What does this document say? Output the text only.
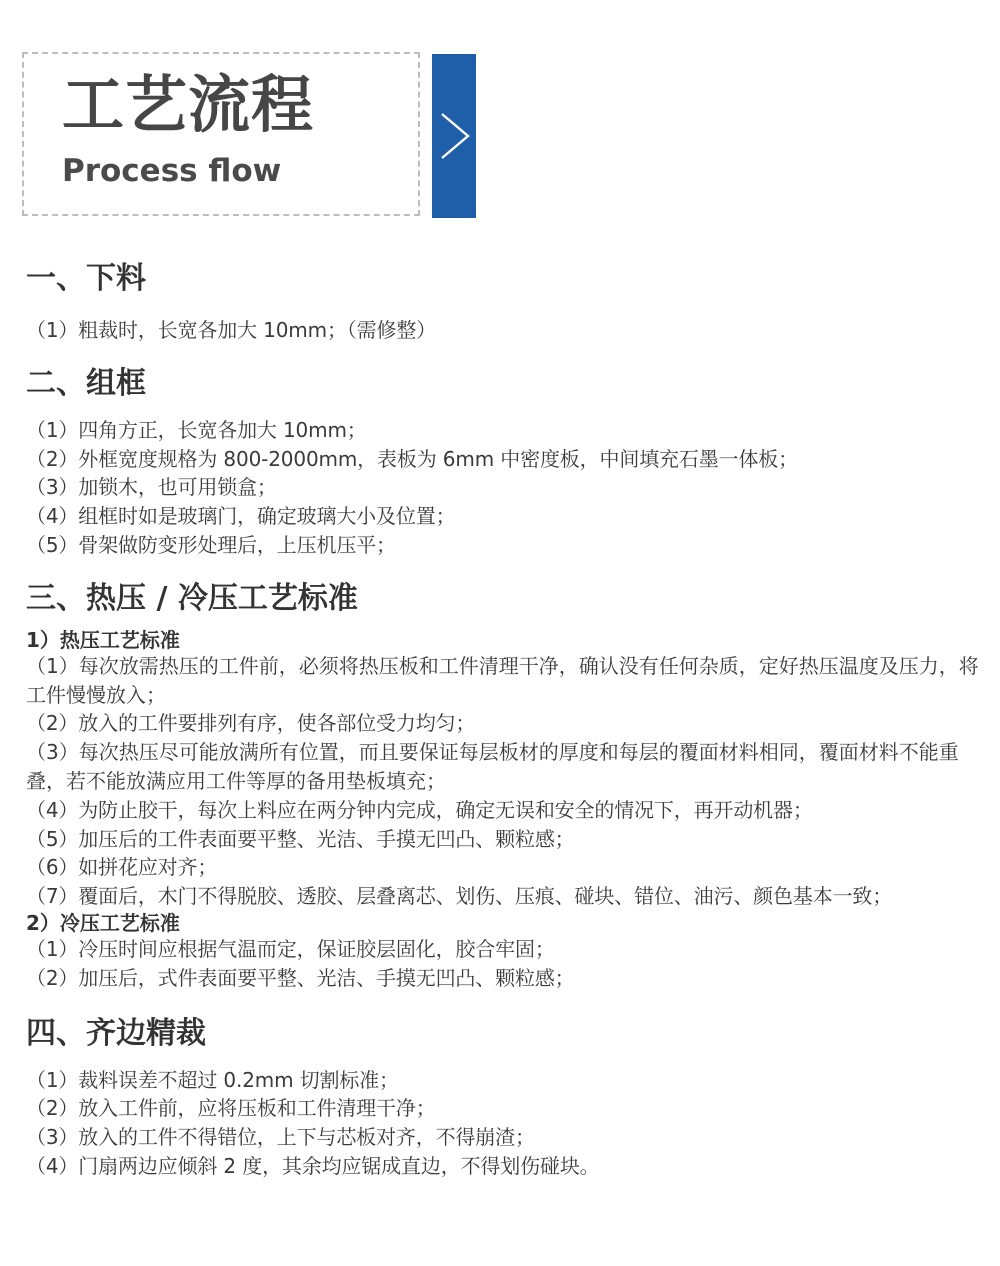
工艺流程
Process flow
一、下料
（1）粗裁时，长宽各加大 10mm；（需修整）
二、组框
（1）四角方正，长宽各加大 10mm；
（2）外框宽度规格为 800-2000mm，表板为 6mm 中密度板，中间填充石墨一体板；
（3）加锁木，也可用锁盒；
（4）组框时如是玻璃门，确定玻璃大小及位置；
（5）骨架做防变形处理后，上压机压平；
三、热压 / 冷压工艺标准
1）热压工艺标准
（1）每次放需热压的工件前，必须将热压板和工件清理干净，确认没有任何杂质，定好热压温度及压力，将工件慢慢放入；
（2）放入的工件要排列有序，使各部位受力均匀；
（3）每次热压尽可能放满所有位置，而且要保证每层板材的厚度和每层的覆面材料相同，覆面材料不能重叠，若不能放满应用工件等厚的备用垫板填充；
（4）为防止胶干，每次上料应在两分钟内完成，确定无误和安全的情况下，再开动机器；
（5）加压后的工件表面要平整、光洁、手摸无凹凸、颗粒感；
（6）如拼花应对齐；
（7）覆面后，木门不得脱胶、透胶、层叠离芯、划伤、压痕、碰块、错位、油污、颜色基本一致；
2）冷压工艺标准
（1）冷压时间应根据气温而定，保证胶层固化，胶合牢固；
（2）加压后，式件表面要平整、光洁、手摸无凹凸、颗粒感；
四、齐边精裁
（1）裁料误差不超过 0.2mm 切割标准；
（2）放入工件前，应将压板和工件清理干净；
（3）放入的工件不得错位，上下与芯板对齐，不得崩渣；
（4）门扇两边应倾斜 2 度，其余均应锯成直边，不得划伤碰块。
